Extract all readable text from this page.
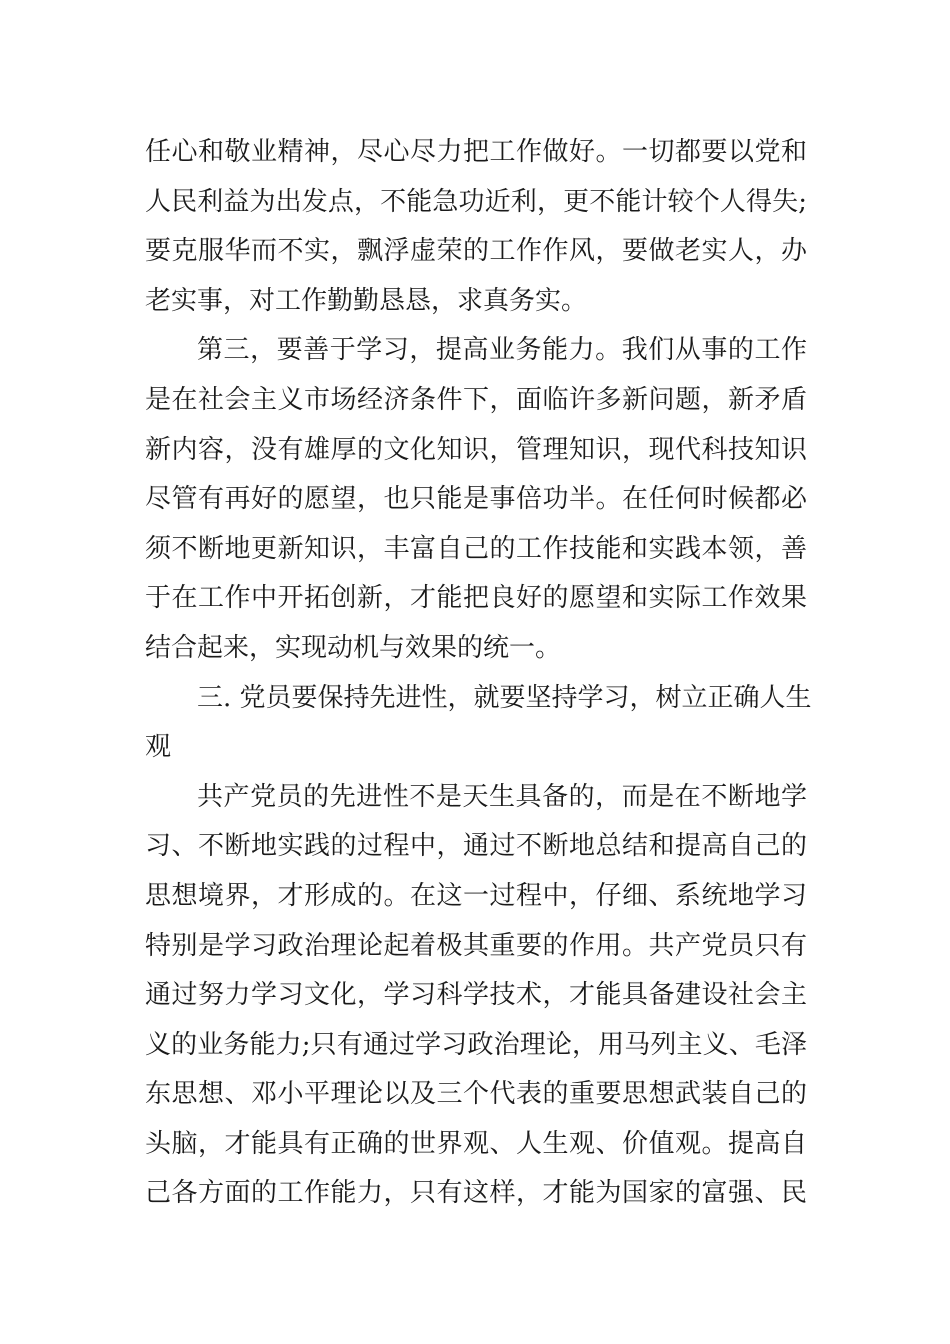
任心和敬业精神，尽心尽力把工作做好。一切都要以党和
人民利益为出发点，不能急功近利，更不能计较个人得失;
要克服华而不实，飘浮虚荣的工作作风，要做老实人，办
老实事，对工作勤勤恳恳，求真务实。
第三，要善于学习，提高业务能力。我们从事的工作
是在社会主义市场经济条件下，面临许多新问题，新矛盾
新内容，没有雄厚的文化知识，管理知识，现代科技知识
尽管有再好的愿望，也只能是事倍功半。在任何时候都必
须不断地更新知识，丰富自己的工作技能和实践本领，善
于在工作中开拓创新，才能把良好的愿望和实际工作效果
结合起来，实现动机与效果的统一。
三. 党员要保持先进性，就要坚持学习，树立正确人生
观
共产党员的先进性不是天生具备的，而是在不断地学
习、不断地实践的过程中，通过不断地总结和提高自己的
思想境界，才形成的。在这一过程中，仔细、系统地学习
特别是学习政治理论起着极其重要的作用。共产党员只有
通过努力学习文化，学习科学技术，才能具备建设社会主
义的业务能力;只有通过学习政治理论，用马列主义、毛泽
东思想、邓小平理论以及三个代表的重要思想武装自己的
头脑，才能具有正确的世界观、人生观、价值观。提高自
己各方面的工作能力，只有这样，才能为国家的富强、民
